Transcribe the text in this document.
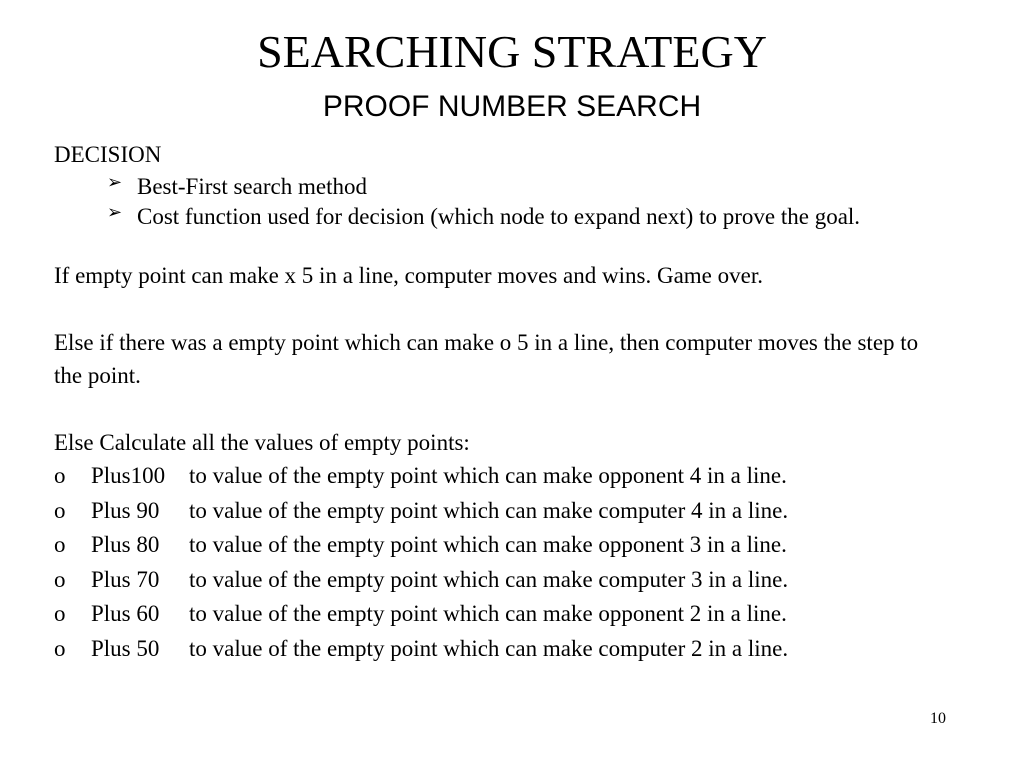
SEARCHING STRATEGY
PROOF NUMBER SEARCH
DECISION
➢ Best-First search method
➢ Cost function used for decision (which node to expand next) to prove the goal.
If empty point can make x 5 in a line, computer moves and wins. Game over.
Else if there was a empty point which can make o 5 in a line, then computer moves the step to the point.
Else Calculate all the values of empty points:
o	Plus100	to value of the empty point which can make opponent 4 in a line.
o	Plus 90	to value of the empty point which can make computer 4 in a line.
o	Plus 80	to value of the empty point which can make opponent 3 in a line.
o	Plus 70	to value of the empty point which can make computer 3 in a line.
o	Plus 60	to value of the empty point which can make opponent 2 in a line.
o	Plus 50	to value of the empty point which can make computer 2 in a line.
10
